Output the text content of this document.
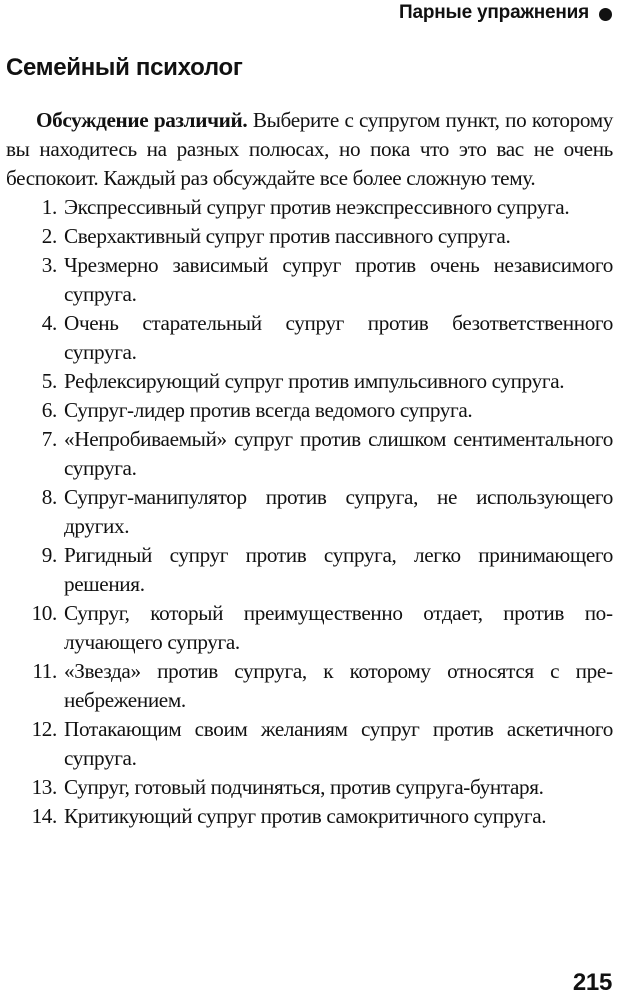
Парные упражнения
Семейный психолог

Обсуждение различий. Выберите с супругом пункт, по которому вы находитесь на разных полюсах, но пока что это вас не очень беспокоит. Каждый раз обсуждайте все более сложную тему.

1. Экспрессивный супруг против неэкспрессивного супруга.
2. Сверхактивный супруг против пассивного супруга.
3. Чрезмерно зависимый супруг против очень независимого супруга.
4. Очень старательный супруг против безответственного супруга.
5. Рефлексирующий супруг против импульсивного супруга.
6. Супруг-лидер против всегда ведомого супруга.
7. «Непробиваемый» супруг против слишком сентиментального супруга.
8. Супруг-манипулятор против супруга, не использующего других.
9. Ригидный супруг против супруга, легко принимающего решения.
10. Супруг, который преимущественно отдает, против получающего супруга.
11. «Звезда» против супруга, к которому относятся с пренебрежением.
12. Потакающим своим желаниям супруг против аскетичного супруга.
13. Супруг, готовый подчиняться, против супруга-бунтаря.
14. Критикующий супруг против самокритичного супруга.
215
